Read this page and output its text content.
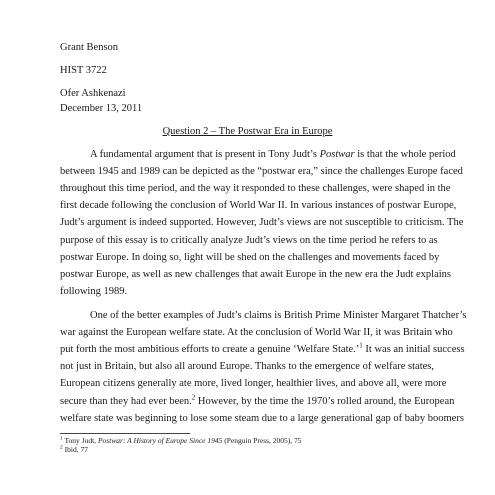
Grant Benson
HIST 3722
Ofer Ashkenazi
December 13, 2011
Question 2 – The Postwar Era in Europe
A fundamental argument that is present in Tony Judt’s Postwar is that the whole period
between 1945 and 1989 can be depicted as the “postwar era,” since the challenges Europe faced
throughout this time period, and the way it responded to these challenges, were shaped in the
first decade following the conclusion of World War II. In various instances of postwar Europe,
Judt’s argument is indeed supported. However, Judt’s views are not susceptible to criticism. The
purpose of this essay is to critically analyze Judt’s views on the time period he refers to as
postwar Europe. In doing so, light will be shed on the challenges and movements faced by
postwar Europe, as well as new challenges that await Europe in the new era the Judt explains
following 1989.
One of the better examples of Judt’s claims is British Prime Minister Margaret Thatcher’s
war against the European welfare state. At the conclusion of World War II, it was Britain who
put forth the most ambitious efforts to create a genuine ‘Welfare State.’$^1$ It was an initial success
not just in Britain, but also all around Europe. Thanks to the emergence of welfare states,
European citizens generally ate more, lived longer, healthier lives, and above all, were more
secure than they had ever been.$^2$ However, by the time the 1970’s rolled around, the European
welfare state was beginning to lose some steam due to a large generational gap of baby boomers
$^1$ Tony Judt, Postwar: A History of Europe Since 1945 (Penguin Press, 2005), 75
$^2$ Ibid, 77
